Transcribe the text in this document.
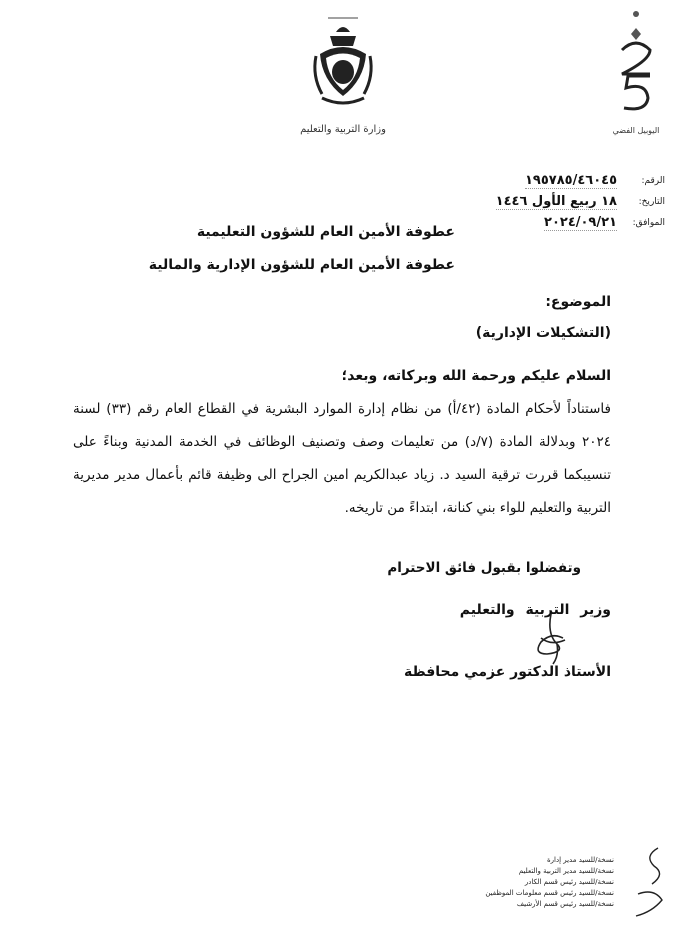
وزارة التربية والتعليم	اليوبيل الفضي
الرقم:
١٩٥٧٨٥/٤٦٠٤٥
التاريخ:
١٨ ربيع الأول ١٤٤٦
الموافق:
٢٠٢٤/٠٩/٢١
عطوفة الأمين العام للشؤون التعليمية
عطوفة الأمين العام للشؤون الإدارية والمالية
الموضوع:
(التشكيلات الإدارية)
السلام عليكم ورحمة الله وبركاته، وبعد؛
فاستناداً لأحكام المادة (٤٢/أ) من نظام إدارة الموارد البشرية في القطاع العام رقم (٣٣) لسنة ٢٠٢٤ وبدلالة المادة (٧/د) من تعليمات وصف وتصنيف الوظائف في الخدمة المدنية وبناءً على تنسيبكما قررت ترقية السيد د. زياد عبدالكريم امين الجراح الى وظيفة قائم بأعمال مدير مديرية التربية والتعليم للواء بني كنانة، ابتداءً من تاريخه.
وتفضلوا بقبول فائق الاحترام
وزير التربية والتعليم
الأستاذ الدكتور عزمي محافظة
نسخة/للسيد مدير إدارة
نسخة/للسيد مدير التربية والتعليم
نسخة/للسيد رئيس قسم الكادر
نسخة/للسيد رئيس قسم معلومات الموظفين
نسخة/للسيد رئيس قسم الأرشيف
